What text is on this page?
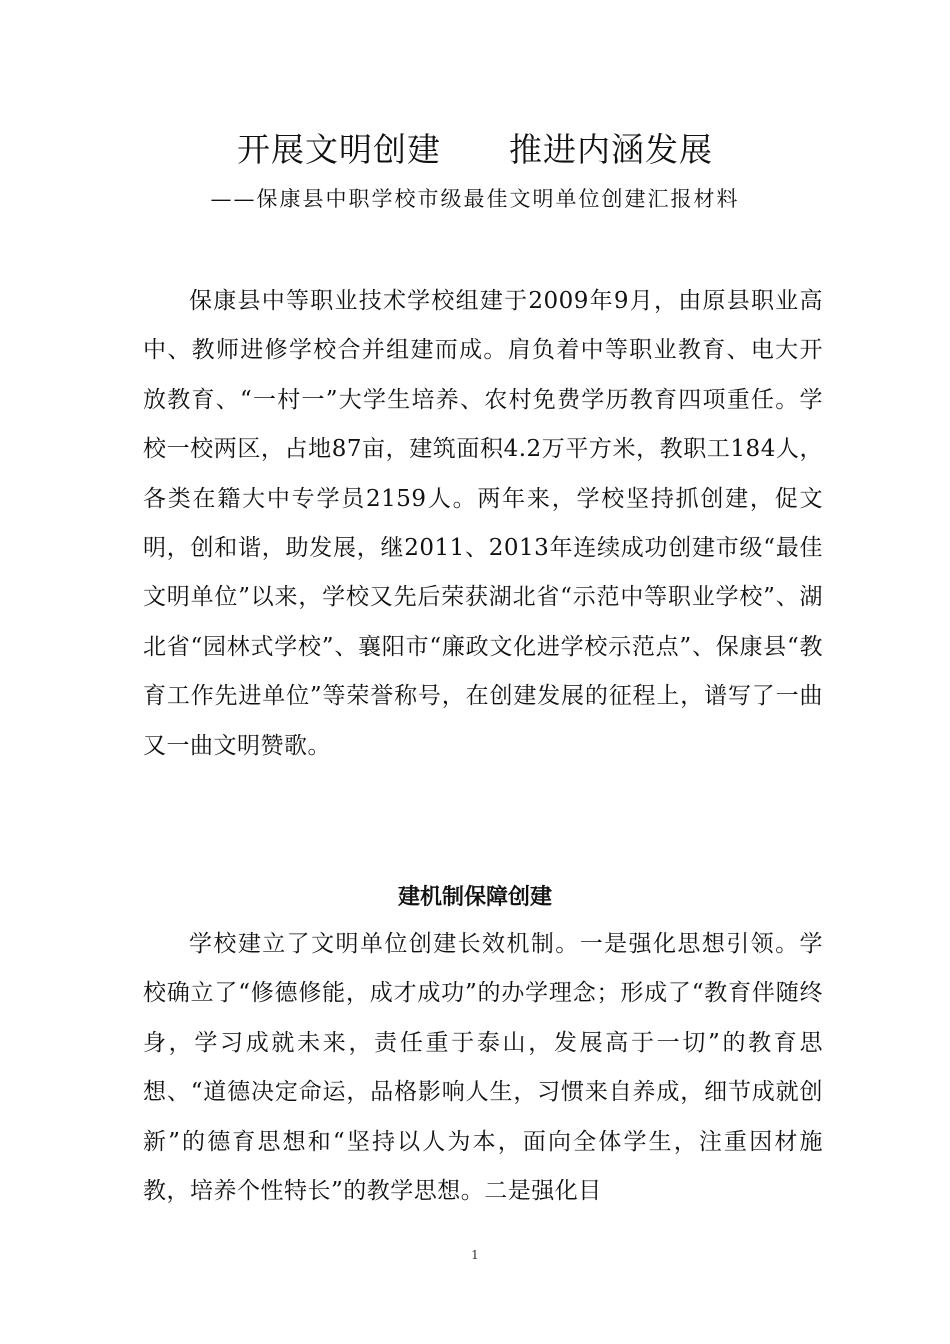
开展文明创建　　推进内涵发展
——保康县中职学校市级最佳文明单位创建汇报材料

保康县中等职业技术学校组建于2009年9月，由原县职业高中、教师进修学校合并组建而成。肩负着中等职业教育、电大开放教育、“一村一”大学生培养、农村免费学历教育四项重任。学校一校两区，占地87亩，建筑面积4.2万平方米，教职工184人，各类在籍大中专学员2159人。两年来，学校坚持抓创建，促文明，创和谐，助发展，继2011、2013年连续成功创建市级“最佳文明单位”以来，学校又先后荣获湖北省“示范中等职业学校”、湖北省“园林式学校”、襄阳市“廉政文化进学校示范点”、保康县“教育工作先进单位”等荣誉称号，在创建发展的征程上，谱写了一曲又一曲文明赞歌。

建机制保障创建

学校建立了文明单位创建长效机制。一是强化思想引领。学校确立了“修德修能，成才成功”的办学理念；形成了“教育伴随终身，学习成就未来，责任重于泰山，发展高于一切”的教育思想、“道德决定命运，品格影响人生，习惯来自养成，细节成就创新”的德育思想和“坚持以人为本，面向全体学生，注重因材施教，培养个性特长”的教学思想。二是强化目

1
